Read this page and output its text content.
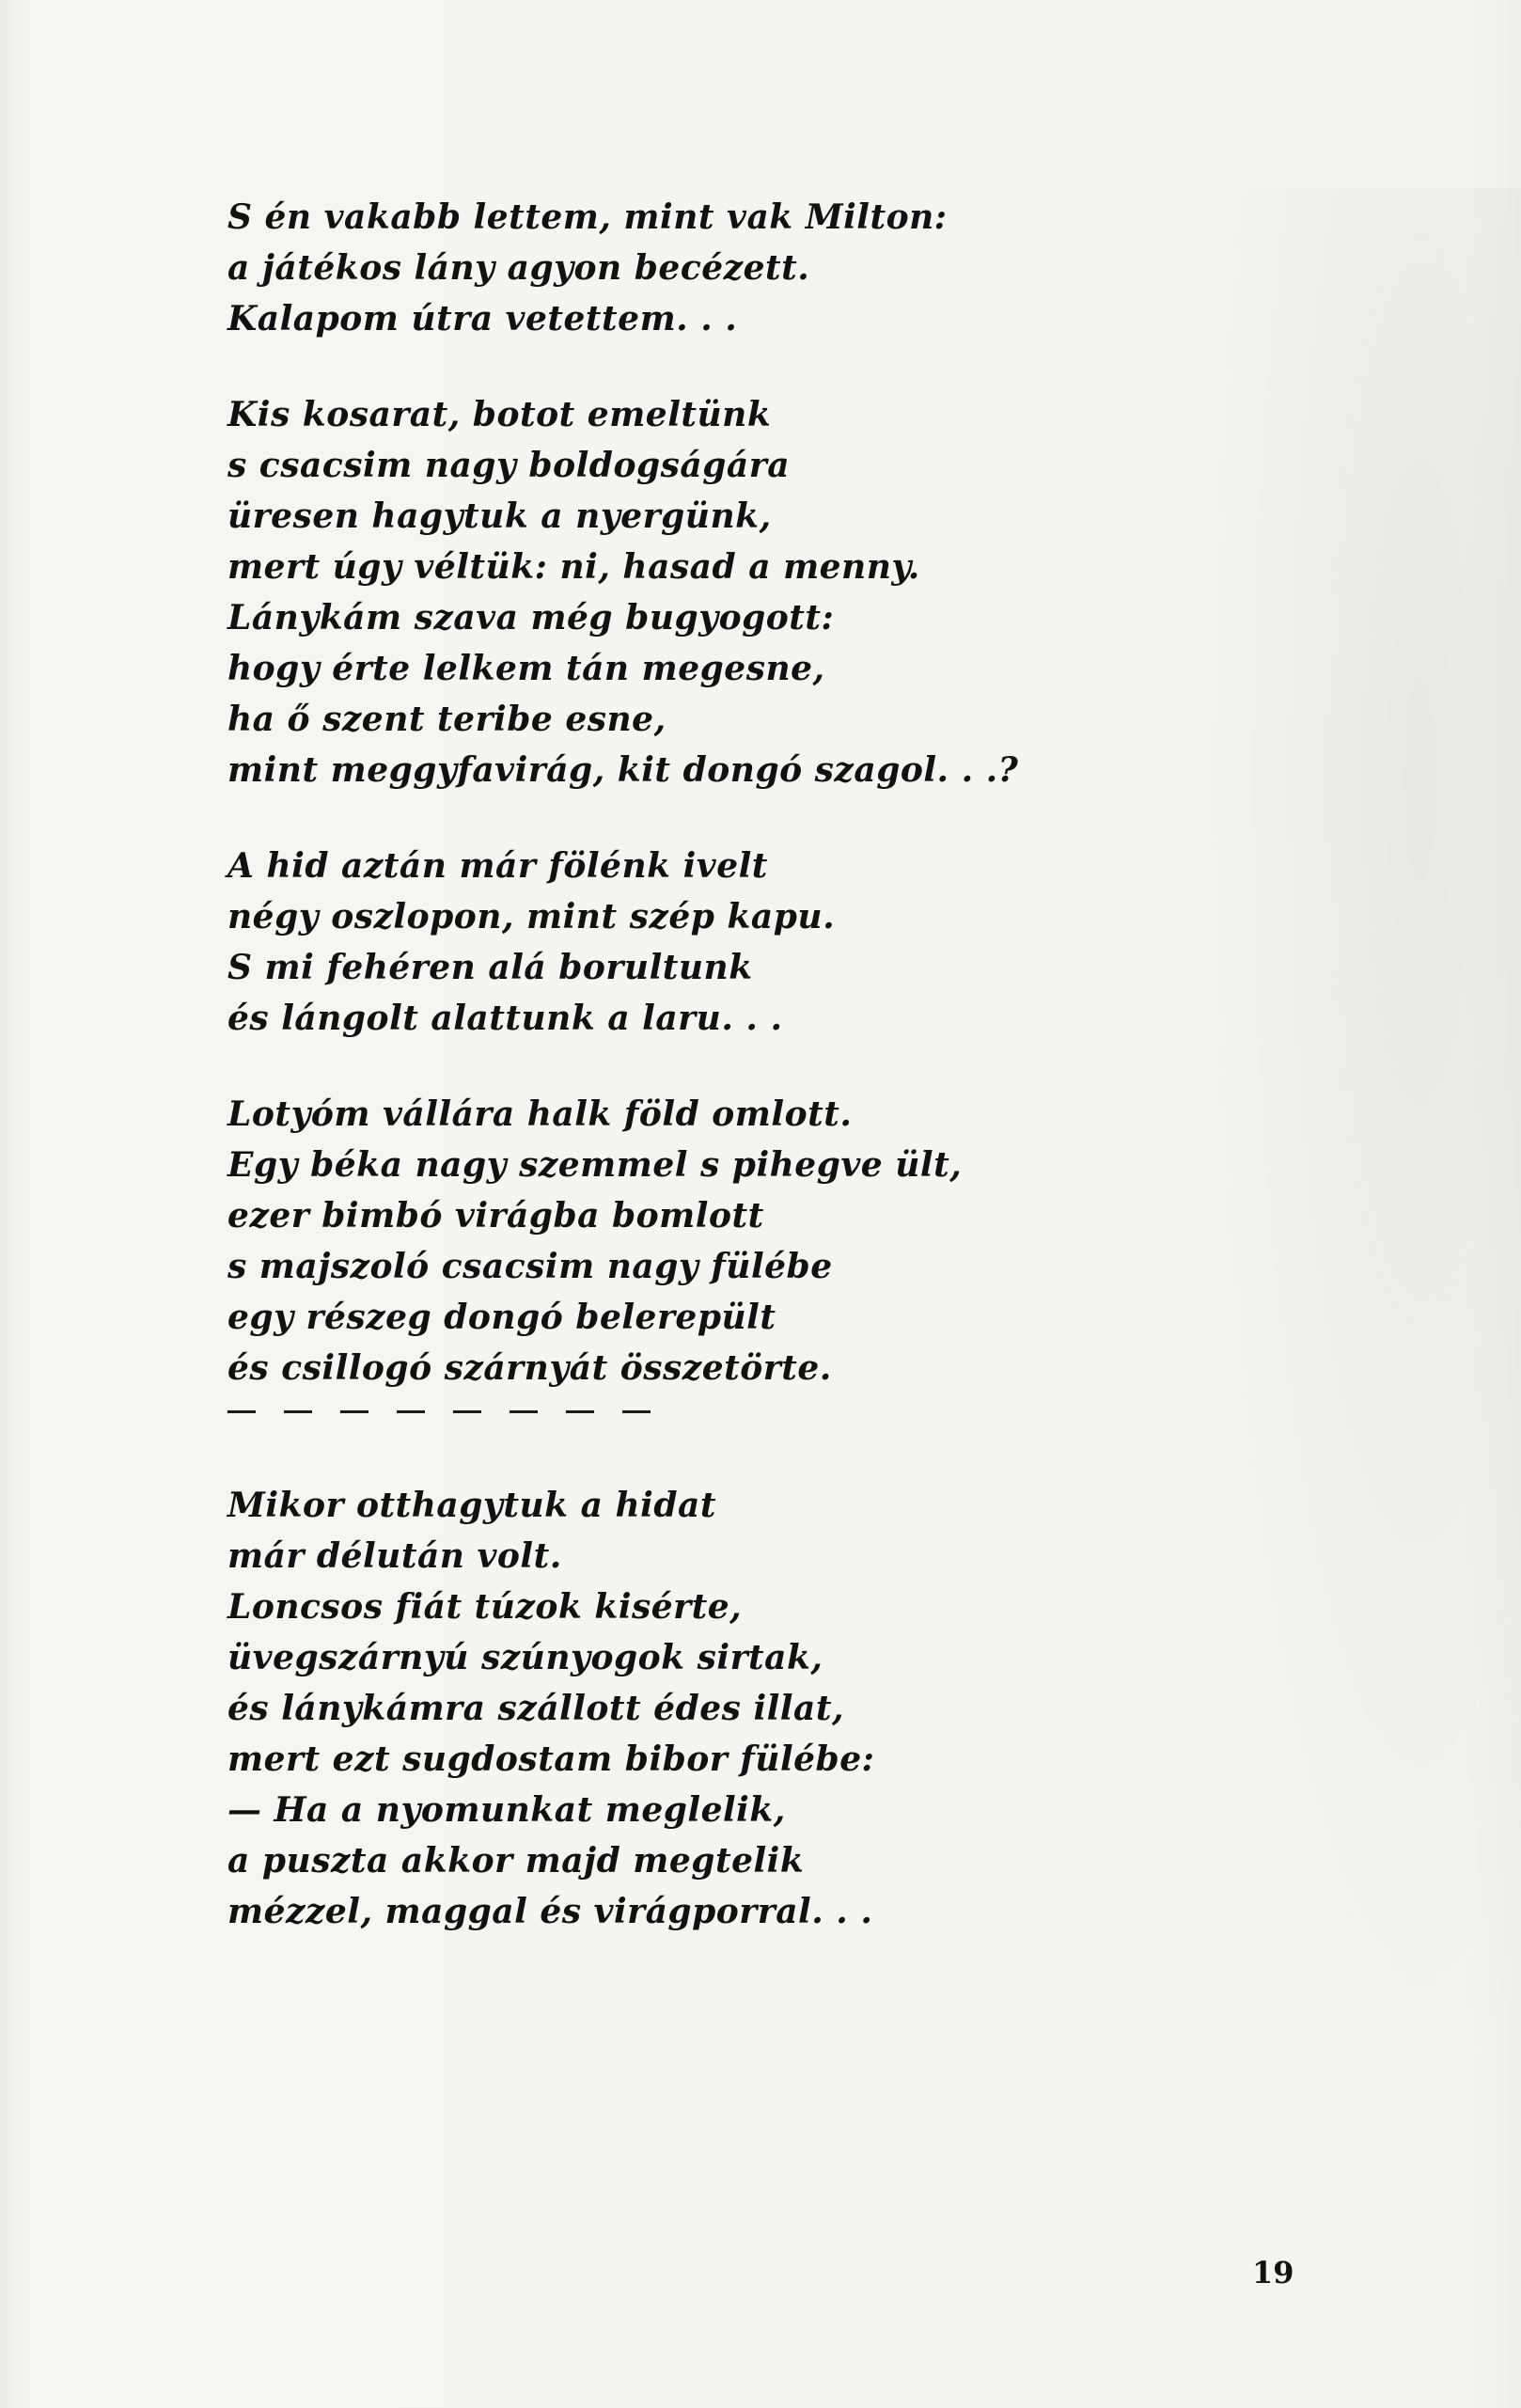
S én vakabb lettem, mint vak Milton:
a játékos lány agyon becézett.
Kalapom útra vetettem. . .
Kis kosarat, botot emeltünk
s csacsim nagy boldogságára
üresen hagytuk a nyergünk,
mert úgy véltük: ni, hasad a menny.
Lánykám szava még bugyogott:
hogy érte lelkem tán megesne,
ha ő szent teribe esne,
mint meggyfavirág, kit dongó szagol. . .?
A hid aztán már fölénk ivelt
négy oszlopon, mint szép kapu.
S mi fehéren alá borultunk
és lángolt alattunk a laru. . .
Lotyóm vállára halk föld omlott.
Egy béka nagy szemmel s pihegve ült,
ezer bimbó virágba bomlott
s majszoló csacsim nagy fülébe
egy részeg dongó belerepült
és csillogó szárnyát összetörte.
Mikor otthagytuk a hidat
már délután volt.
Loncsos fiát túzok kisérte,
üvegszárnyú szúnyogok sirtak,
és lánykámra szállott édes illat,
mert ezt sugdostam bibor fülébe:
— Ha a nyomunkat meglelik,
a puszta akkor majd megtelik
mézzel, maggal és virágporral. . .
19
